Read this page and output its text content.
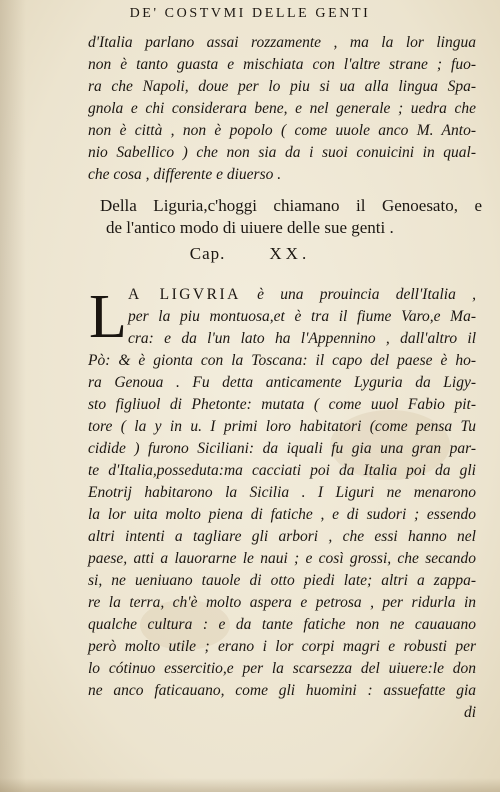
DE' COSTVMI DELLE GENTI
d'Italia parlano assai rozzamente , ma la lor lingua
non è tanto guasta e mischiata con l'altre strane ; fuo-
ra che Napoli, doue per lo piu si ua alla lingua Spa-
gnola e chi considerara bene, e nel generale ; uedra che
non è città , non è popolo ( come uuole anco M. Anto-
nio Sabellico ) che non sia da i suoi conuicini in qual-
che cosa , differente e diuerso .
Della Liguria,c'hoggi chiamano il Genoesato, e
de l'antico modo di uiuere delle sue genti .
Cap.	XX.
L A LIGVRIA è una prouincia dell'Italia ,
per la piu montuosa,et è tra il fiume Varo,e Ma-
cra: e da l'un lato ha l'Appennino , dall'altro il
Pò: & è gionta con la Toscana: il capo del paese è ho-
ra Genoua . Fu detta anticamente Lyguria da Ligy-
sto figliuol di Phetonte: mutata ( come uuol Fabio pit-
tore ( la y in u. I primi loro habitatori (come pensa Tu
cidide ) furono Siciliani: da iquali fu gia una gran par-
te d'Italia,posseduta:ma cacciati poi da Italia poi da gli
Enotrij habitarono la Sicilia . I Liguri ne menarono
la lor uita molto piena di fatiche , e di sudori ; essendo
altri intenti a tagliare gli arbori , che essi hanno nel
paese, atti a lauorarne le naui ; e così grossi, che secando
si, ne ueniuano tauole di otto piedi late; altri a zappa-
re la terra, ch'è molto aspera e petrosa , per ridurla in
qualche cultura : e da tante fatiche non ne cauauano
però molto utile ; erano i lor corpi magri e robusti per
lo cótinuo essercitio,e per la scarsezza del uiuere:le don
ne anco faticauano, come gli huomini : assuefatte gia
di
